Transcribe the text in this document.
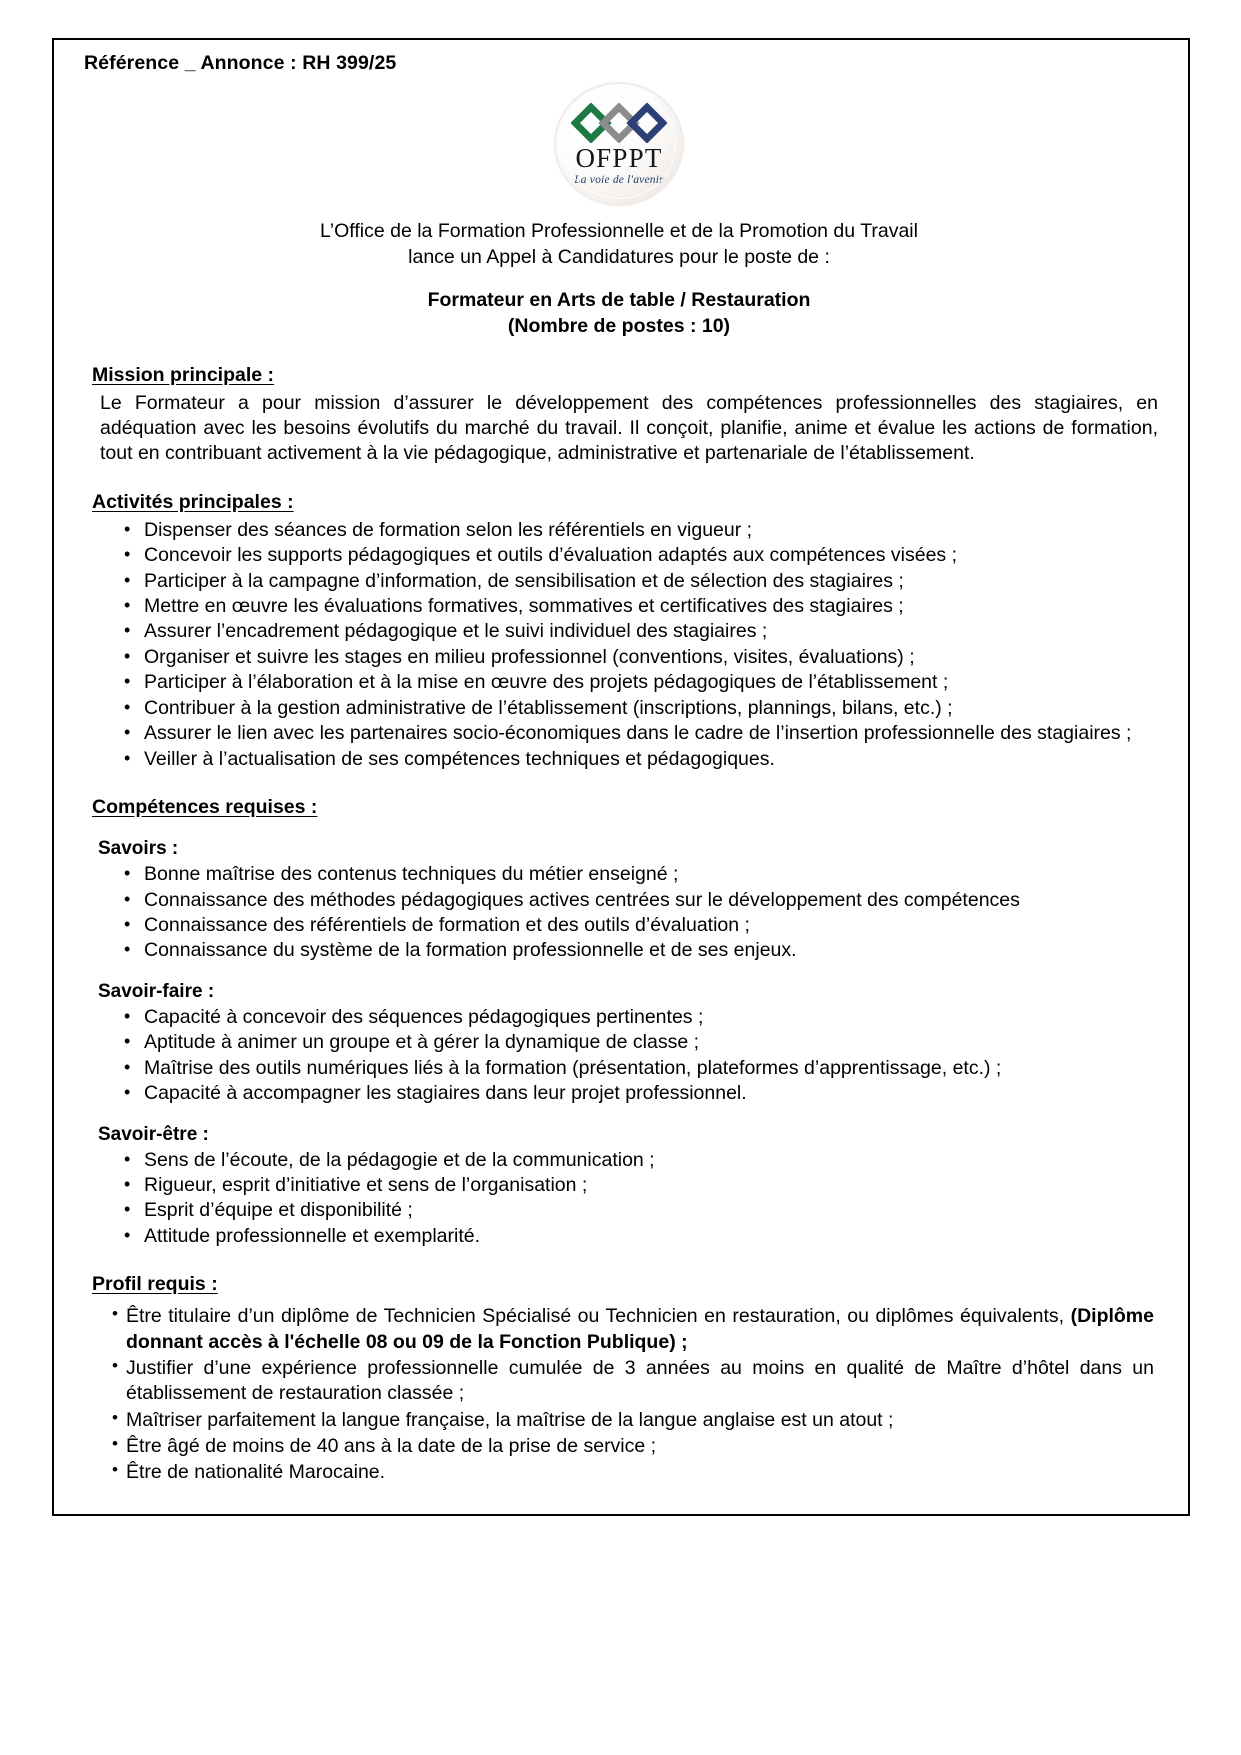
Référence _ Annonce : RH 399/25
OFPPT
La voie de l'avenir
L’Office de la Formation Professionnelle et de la Promotion du Travail
lance un Appel à Candidatures pour le poste de :
Formateur en Arts de table / Restauration
(Nombre de postes : 10)
Mission principale :

Le Formateur a pour mission d’assurer le développement des compétences professionnelles des stagiaires, en adéquation avec les besoins évolutifs du marché du travail. Il conçoit, planifie, anime et évalue les actions de formation, tout en contribuant activement à la vie pédagogique, administrative et partenariale de l’établissement.

Activités principales :
• Dispenser des séances de formation selon les référentiels en vigueur ;
• Concevoir les supports pédagogiques et outils d’évaluation adaptés aux compétences visées ;
• Participer à la campagne d’information, de sensibilisation et de sélection des stagiaires ;
• Mettre en œuvre les évaluations formatives, sommatives et certificatives des stagiaires ;
• Assurer l’encadrement pédagogique et le suivi individuel des stagiaires ;
• Organiser et suivre les stages en milieu professionnel (conventions, visites, évaluations) ;
• Participer à l’élaboration et à la mise en œuvre des projets pédagogiques de l’établissement ;
• Contribuer à la gestion administrative de l’établissement (inscriptions, plannings, bilans, etc.) ;
• Assurer le lien avec les partenaires socio-économiques dans le cadre de l’insertion professionnelle des stagiaires ;
• Veiller à l’actualisation de ses compétences techniques et pédagogiques.
Compétences requises :
Savoirs :
• Bonne maîtrise des contenus techniques du métier enseigné ;
• Connaissance des méthodes pédagogiques actives centrées sur le développement des compétences
• Connaissance des référentiels de formation et des outils d’évaluation ;
• Connaissance du système de la formation professionnelle et de ses enjeux.
Savoir-faire :
• Capacité à concevoir des séquences pédagogiques pertinentes ;
• Aptitude à animer un groupe et à gérer la dynamique de classe ;
• Maîtrise des outils numériques liés à la formation (présentation, plateformes d’apprentissage, etc.) ;
• Capacité à accompagner les stagiaires dans leur projet professionnel.
Savoir-être :
• Sens de l’écoute, de la pédagogie et de la communication ;
• Rigueur, esprit d’initiative et sens de l’organisation ;
• Esprit d’équipe et disponibilité ;
• Attitude professionnelle et exemplarité.
Profil requis :
• Être titulaire d’un diplôme de Technicien Spécialisé ou Technicien en restauration, ou diplômes équivalents, (Diplôme donnant accès à l'échelle 08 ou 09 de la Fonction Publique) ;
• Justifier d’une expérience professionnelle cumulée de 3 années au moins en qualité de Maître d’hôtel dans un établissement de restauration classée ;
• Maîtriser parfaitement la langue française, la maîtrise de la langue anglaise est un atout ;
• Être âgé de moins de 40 ans à la date de la prise de service ;
• Être de nationalité Marocaine.
